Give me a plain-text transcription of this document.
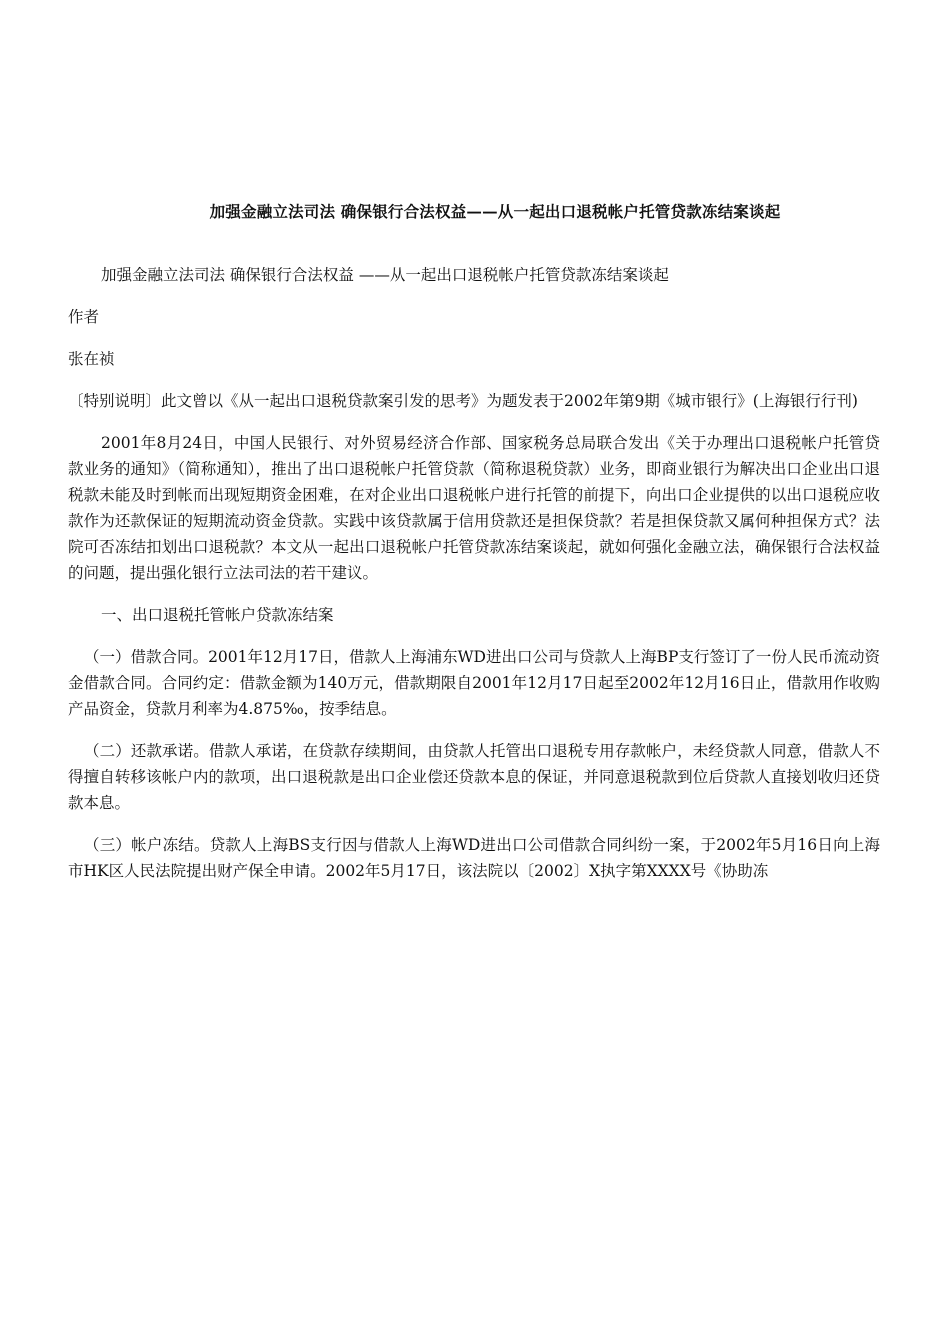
加强金融立法司法 确保银行合法权益——从一起出口退税帐户托管贷款冻结案谈起

加强金融立法司法 确保银行合法权益 ——从一起出口退税帐户托管贷款冻结案谈起

作者

张在祯

〔特别说明〕此文曾以《从一起出口退税贷款案引发的思考》为题发表于2002年第9期《城市银行》(上海银行行刊)

2001年8月24日，中国人民银行、对外贸易经济合作部、国家税务总局联合发出《关于办理出口退税帐户托管贷款业务的通知》（简称通知），推出了出口退税帐户托管贷款（简称退税贷款）业务，即商业银行为解决出口企业出口退税款未能及时到帐而出现短期资金困难，在对企业出口退税帐户进行托管的前提下，向出口企业提供的以出口退税应收款作为还款保证的短期流动资金贷款。实践中该贷款属于信用贷款还是担保贷款？若是担保贷款又属何种担保方式？法院可否冻结扣划出口退税款？本文从一起出口退税帐户托管贷款冻结案谈起，就如何强化金融立法，确保银行合法权益的问题，提出强化银行立法司法的若干建议。

一、出口退税托管帐户贷款冻结案

（一）借款合同。2001年12月17日，借款人上海浦东WD进出口公司与贷款人上海BP支行签订了一份人民币流动资金借款合同。合同约定：借款金额为140万元，借款期限自2001年12月17日起至2002年12月16日止，借款用作收购产品资金，贷款月利率为4.875‰，按季结息。

（二）还款承诺。借款人承诺，在贷款存续期间，由贷款人托管出口退税专用存款帐户，未经贷款人同意，借款人不得擅自转移该帐户内的款项，出口退税款是出口企业偿还贷款本息的保证，并同意退税款到位后贷款人直接划收归还贷款本息。

（三）帐户冻结。贷款人上海BS支行因与借款人上海WD进出口公司借款合同纠纷一案，于2002年5月16日向上海市HK区人民法院提出财产保全申请。2002年5月17日，该法院以〔2002〕X执字第XXXX号《协助冻
